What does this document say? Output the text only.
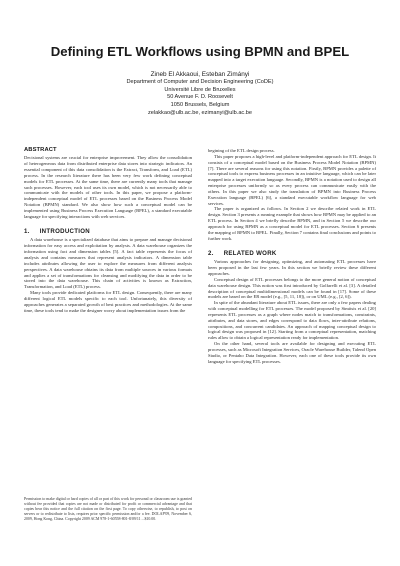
Defining ETL Workflows using BPMN and BPEL
Zineb El Akkaoui, Esteban Zimányi
Department of Computer and Decision Engineering (CoDE)
Université Libre de Bruxelles
50 Avenue F. D. Roosevelt
1050 Brussels, Belgium
zelakkao@ulb.ac.be, ezimanyi@ulb.ac.be
ABSTRACT

Decisional systems are crucial for enterprise improvement. They allow the consolidation of heterogeneous data from distributed enterprise data stores into strategic indicators. An essential component of this data consolidation is the Extract, Transform, and Load (ETL) process. In the research literature there has been very few work defining conceptual models for ETL processes. At the same time, there are currently many tools that manage such processes. However, each tool uses its own model, which is not necessarily able to communicate with the models of other tools. In this paper, we propose a platform-independent conceptual model of ETL processes based on the Business Process Model Notation (BPMN) standard. We also show how such a conceptual model can be implemented using Business Process Execution Language (BPEL), a standard executable language for specifying interactions with web services.

1. INTRODUCTION

A data warehouse is a specialized database that aims to prepare and manage decisional information for easy access and exploitation by analysts. A data warehouse organizes the information using fact and dimension tables [5]. A fact table represents the focus of analysis and contains measures that represent analysis indicators. A dimension table includes attributes allowing the user to explore the measures from different analysis perspectives. A data warehouse obtains its data from multiple sources in various formats and applies a set of transformations for cleansing and modifying the data in order to be stored into the data warehouse. This chain of activities is known as Extraction, Transformation, and Load (ETL) process.

Many tools provide dedicated platforms for ETL design. Consequently, there are many different logical ETL models specific to each tool. Unfortunately, this diversity of approaches generates a separated growth of best practices and methodologies. At the same time, these tools tend to make the designer worry about implementation issues from the

Permission to make digital or hard copies of all or part of this work for personal or classroom use is granted without fee provided that copies are not made or distributed for profit or commercial advantage and that copies bear this notice and the full citation on the first page. To copy otherwise, to republish, to post on servers or to redistribute to lists, requires prior specific permission and/or a fee. DOLAP'09, November 6, 2009, Hong Kong, China. Copyright 2009 ACM 978-1-60558-801-8/09/11 ...$10.00.

begining of the ETL design process.

This paper proposes a high-level and platform-independent approach for ETL design. It consists of a conceptual model based on the Business Process Model Notation (BPMN) [7]. There are several reasons for using this notation. Firstly, BPMN provides a palette of conceptual tools to express business processes in an intuitive language, which can be later mapped into a target execution language. Secondly, BPMN is a notation used to design all enterprise processes uniformly so as every process can communicate easily with the others. In this paper we also study the translation of BPMN into Business Process Execution language (BPEL) [6], a standard executable workflow language for web services.

The paper is organized as follows. In Section 2 we describe related work in ETL design. Section 3 presents a running example that shows how BPMN may be applied to an ETL process. In Section 4 we briefly describe BPMN, and in Section 5 we describe our approach for using BPMN as a conceptual model for ETL processes. Section 6 presents the mapping of BPMN to BPEL. Finally, Section 7 contains final conclusions and points to further work.

2. RELATED WORK

Various approaches for designing, optimizing, and automating ETL processes have been proposed in the last few years. In this section we briefly review these different approaches.

Conceptual design of ETL processes belongs to the more general notion of conceptual data warehouse design. This notion was first introduced by Golfarelli et al. [3]. A detailed description of conceptual multidimensional models can be found in [17]. Some of these models are based on the ER model (e.g., [5, 11, 18]), or on UML (e.g., [2, 6]).

In spite of the abundant literature about ETL issues, there are only a few papers dealing with conceptual modelling for ETL processes. The model proposed by Simitsis et al. [20] represents ETL processes as a graph where nodes match to transformations, constraints, attributes, and data stores, and edges correspond to data flows, inter-attribute relations, compositions, and concurrent candidates. An approach of mapping conceptual design to logical design was proposed in [12]. Starting from a conceptual representation, matching rules allow to obtain a logical representation ready for implementation.

On the other hand, several tools are available for designing and executing ETL processes, such as Microsoft Integration Services, Oracle Warehouse Builder, Talend Open Studio, or Pentaho Data Integration. However, each one of these tools provide its own language for specifying ETL processes.
